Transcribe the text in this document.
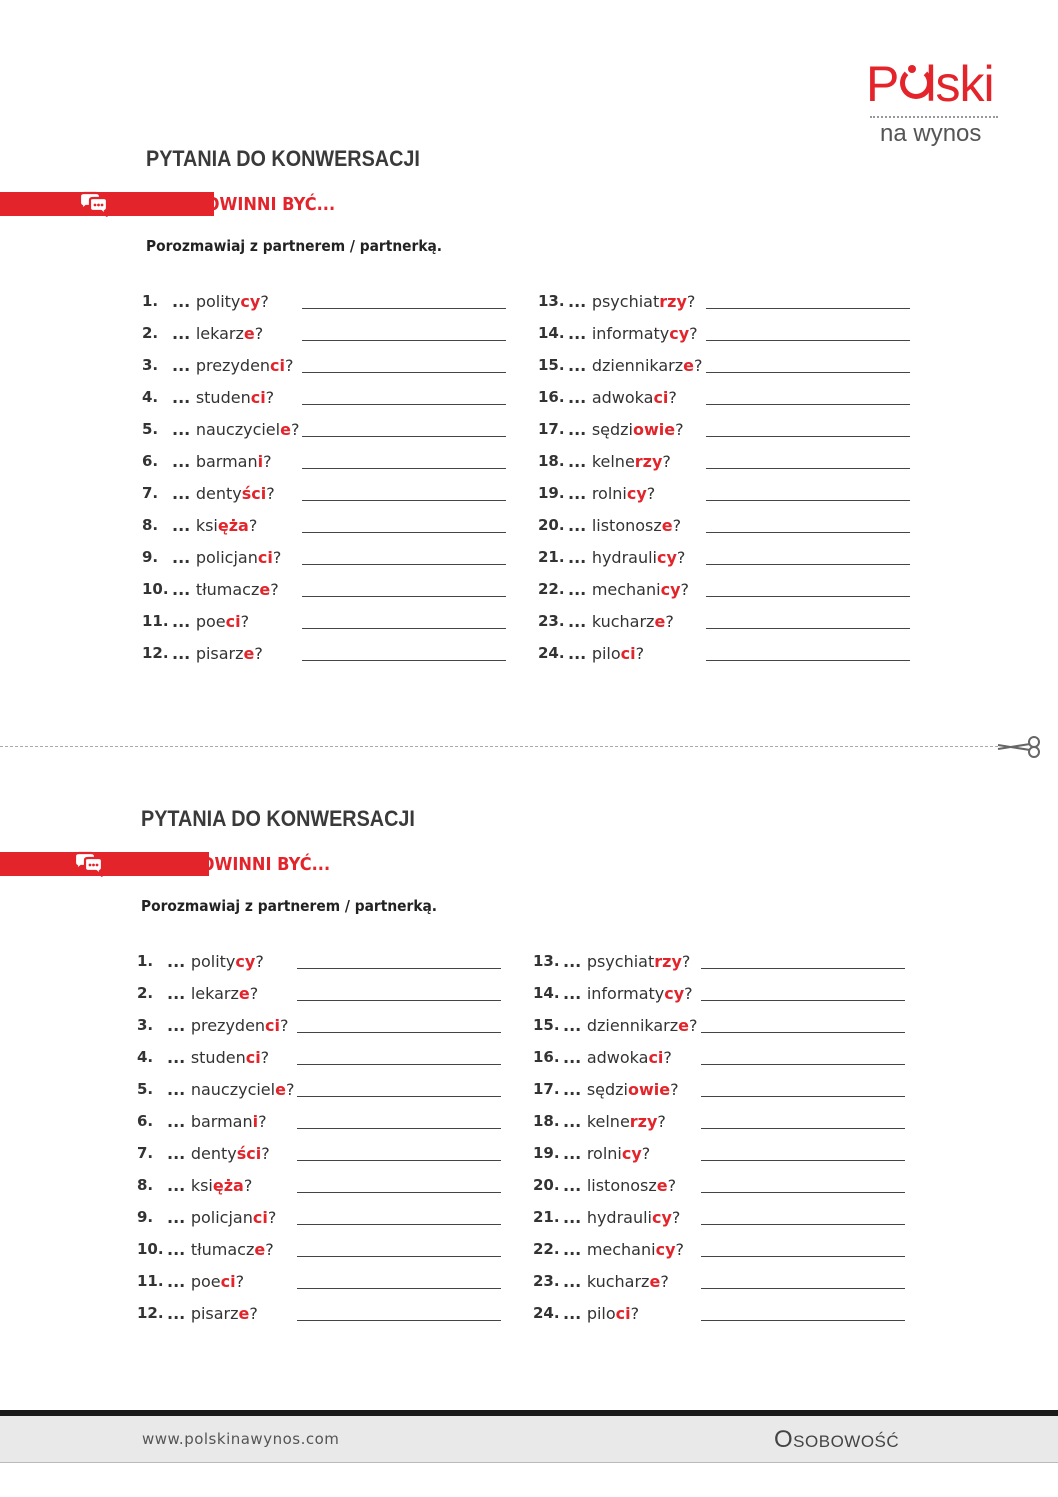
P lski
na wynos
PYTANIA DO KONWERSACJI
JACY POWINNI BYĆ...
Porozmawiaj z partnerem / partnerką.
1. ... politycy?
2. ... lekarze?
3. ... prezydenci?
4. ... studenci?
5. ... nauczyciele?
6. ... barmani?
7. ... dentyści?
8. ... księża?
9. ... policjanci?
10. ... tłumacze?
11. ... poeci?
12. ... pisarze?
13. ... psychiatrzy?
14. ... informatycy?
15. ... dziennikarze?
16. ... adwokaci?
17. ... sędziowie?
18. ... kelnerzy?
19. ... rolnicy?
20. ... listonosze?
21. ... hydraulicy?
22. ... mechanicy?
23. ... kucharze?
24. ... piloci?
PYTANIA DO KONWERSACJI
JACY POWINNI BYĆ...
Porozmawiaj z partnerem / partnerką.
1. ... politycy?
2. ... lekarze?
3. ... prezydenci?
4. ... studenci?
5. ... nauczyciele?
6. ... barmani?
7. ... dentyści?
8. ... księża?
9. ... policjanci?
10. ... tłumacze?
11. ... poeci?
12. ... pisarze?
13. ... psychiatrzy?
14. ... informatycy?
15. ... dziennikarze?
16. ... adwokaci?
17. ... sędziowie?
18. ... kelnerzy?
19. ... rolnicy?
20. ... listonosze?
21. ... hydraulicy?
22. ... mechanicy?
23. ... kucharze?
24. ... piloci?
www.polskinawynos.com	Osobowość
